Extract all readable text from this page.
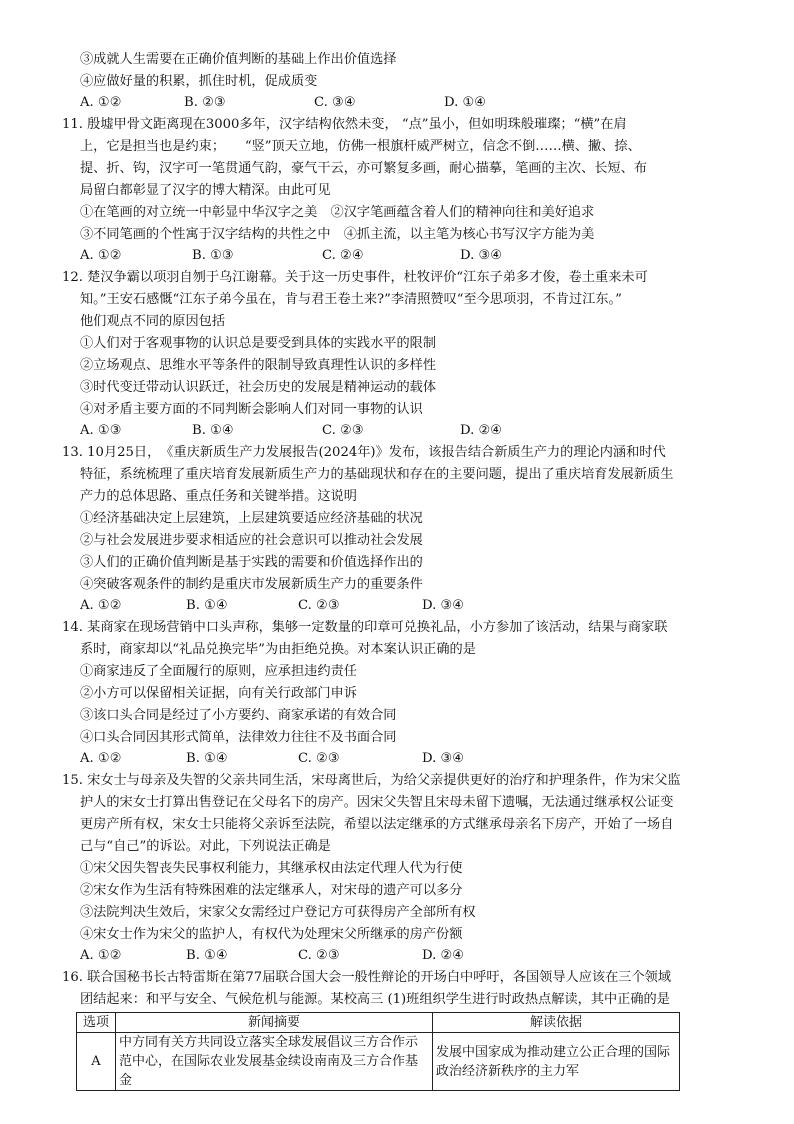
③成就人生需要在正确价值判断的基础上作出价值选择
④应做好量的积累，抓住时机，促成质变
A. ①②	B. ②③	C. ③④	D. ①④
11. 殷墟甲骨文距离现在3000多年，汉字结构依然未变， “点”虽小，但如明珠般璀璨；“横”在肩
上，它是担当也是约束；　　“竖”顶天立地，仿佛一根旗杆威严树立，信念不倒……横、撇、捺、
提、折、钩，汉字可一笔贯通气韵，豪气干云，亦可繁复多画，耐心描摹，笔画的主次、长短、布
局留白都彰显了汉字的博大精深。由此可见
①在笔画的对立统一中彰显中华汉字之美　②汉字笔画蕴含着人们的精神向往和美好追求
③不同笔画的个性寓于汉字结构的共性之中　④抓主流，以主笔为核心书写汉字方能为美
A. ①②	B. ①③	C. ②④	D. ③④
12. 楚汉争霸以项羽自刎于乌江谢幕。关于这一历史事件，杜牧评价“江东子弟多才俊，卷土重来未可
知。”王安石感慨“江东子弟今虽在，肯与君王卷土来?”李清照赞叹“至今思项羽，不肯过江东。”
他们观点不同的原因包括
①人们对于客观事物的认识总是要受到具体的实践水平的限制
②立场观点、思维水平等条件的限制导致真理性认识的多样性
③时代变迁带动认识跃迁，社会历史的发展是精神运动的载体
④对矛盾主要方面的不同判断会影响人们对同一事物的认识
A. ①③	B. ①④	C. ②③	D. ②④
13. 10月25日，　《重庆新质生产力发展报告(2024年)》发布，该报告结合新质生产力的理论内涵和时代
特征，系统梳理了重庆培育发展新质生产力的基础现状和存在的主要问题，提出了重庆培育发展新质生
产力的总体思路、重点任务和关键举措。这说明
①经济基础决定上层建筑，上层建筑要适应经济基础的状况
②与社会发展进步要求相适应的社会意识可以推动社会发展
③人们的正确价值判断是基于实践的需要和价值选择作出的
④突破客观条件的制约是重庆市发展新质生产力的重要条件
A. ①②	B. ①④	C. ②③	D. ③④
14. 某商家在现场营销中口头声称，集够一定数量的印章可兑换礼品，小方参加了该活动，结果与商家联
系时，商家却以“礼品兑换完毕”为由拒绝兑换。对本案认识正确的是
①商家违反了全面履行的原则，应承担违约责任
②小方可以保留相关证据，向有关行政部门申诉
③该口头合同是经过了小方要约、商家承诺的有效合同
④口头合同因其形式简单，法律效力往往不及书面合同
A. ①②	B. ①④	C. ②③	D. ③④
15. 宋女士与母亲及失智的父亲共同生活，宋母离世后，为给父亲提供更好的治疗和护理条件，作为宋父监
护人的宋女士打算出售登记在父母名下的房产。因宋父失智且宋母未留下遗嘱，无法通过继承权公证变
更房产所有权，宋女士只能将父亲诉至法院，希望以法定继承的方式继承母亲名下房产，开始了一场自
己与“自己”的诉讼。对此，下列说法正确是
①宋父因失智丧失民事权利能力，其继承权由法定代理人代为行使
②宋女作为生活有特殊困难的法定继承人，对宋母的遗产可以多分
③法院判决生效后，宋家父女需经过户登记方可获得房产全部所有权
④宋女士作为宋父的监护人，有权代为处理宋父所继承的房产份额
A. ①②	B. ①④	C. ②③	D. ②④
16. 联合国秘书长古特雷斯在第77届联合国大会一般性辩论的开场白中呼吁，各国领导人应该在三个领域
团结起来：和平与安全、气候危机与能源。某校高三 (1)班组织学生进行时政热点解读，其中正确的是
选项	新闻摘要	解读依据
A	中方同有关方共同设立落实全球发展倡议三方合作示范中心，在国际农业发展基金续设南南及三方合作基金	发展中国家成为推动建立公正合理的国际政治经济新秩序的主力军
